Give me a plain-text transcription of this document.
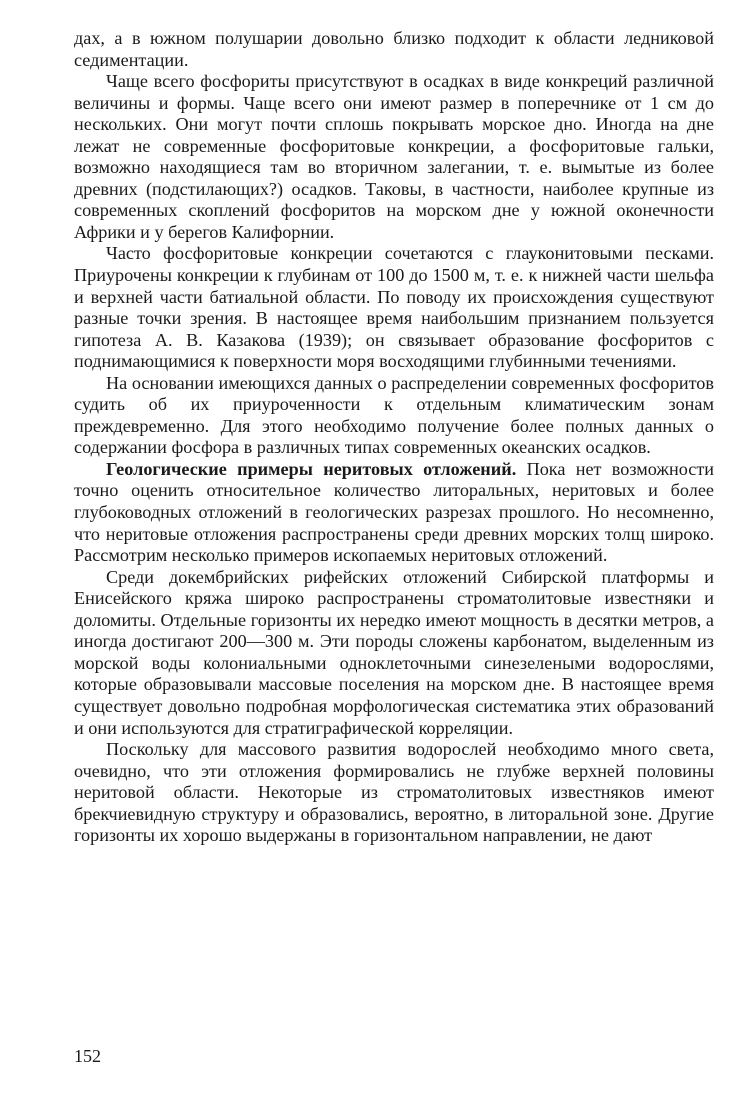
дах, а в южном полушарии довольно близко подходит к области ледниковой седиментации.

Чаще всего фосфориты присутствуют в осадках в виде конкреций различной величины и формы. Чаще всего они имеют размер в поперечнике от 1 см до нескольких. Они могут почти сплошь покрывать морское дно. Иногда на дне лежат не современные фосфоритовые конкреции, а фосфоритовые гальки, возможно находящиеся там во вторичном залегании, т. е. вымытые из более древних (подстилающих?) осадков. Таковы, в частности, наиболее крупные из современных скоплений фосфоритов на морском дне у южной оконечности Африки и у берегов Калифорнии.

Часто фосфоритовые конкреции сочетаются с глауконитовыми песками. Приурочены конкреции к глубинам от 100 до 1500 м, т. е. к нижней части шельфа и верхней части батиальной области. По поводу их происхождения существуют разные точки зрения. В настоящее время наибольшим признанием пользуется гипотеза А. В. Казакова (1939); он связывает образование фосфоритов с поднимающимися к поверхности моря восходящими глубинными течениями.

На основании имеющихся данных о распределении современных фосфоритов судить об их приуроченности к отдельным климатическим зонам преждевременно. Для этого необходимо получение более полных данных о содержании фосфора в различных типах современных океанских осадков.

Геологические примеры неритовых отложений. Пока нет возможности точно оценить относительное количество литоральных, неритовых и более глубоководных отложений в геологических разрезах прошлого. Но несомненно, что неритовые отложения распространены среди древних морских толщ широко. Рассмотрим несколько примеров ископаемых неритовых отложений.

Среди докембрийских рифейских отложений Сибирской платформы и Енисейского кряжа широко распространены строматолитовые известняки и доломиты. Отдельные горизонты их нередко имеют мощность в десятки метров, а иногда достигают 200—300 м. Эти породы сложены карбонатом, выделенным из морской воды колониальными одноклеточными синезелеными водорослями, которые образовывали массовые поселения на морском дне. В настоящее время существует довольно подробная морфологическая систематика этих образований и они используются для стратиграфической корреляции.

Поскольку для массового развития водорослей необходимо много света, очевидно, что эти отложения формировались не глубже верхней половины неритовой области. Некоторые из строматолитовых известняков имеют брекчиевидную структуру и образовались, вероятно, в литоральной зоне. Другие горизонты их хорошо выдержаны в горизонтальном направлении, не дают

152
